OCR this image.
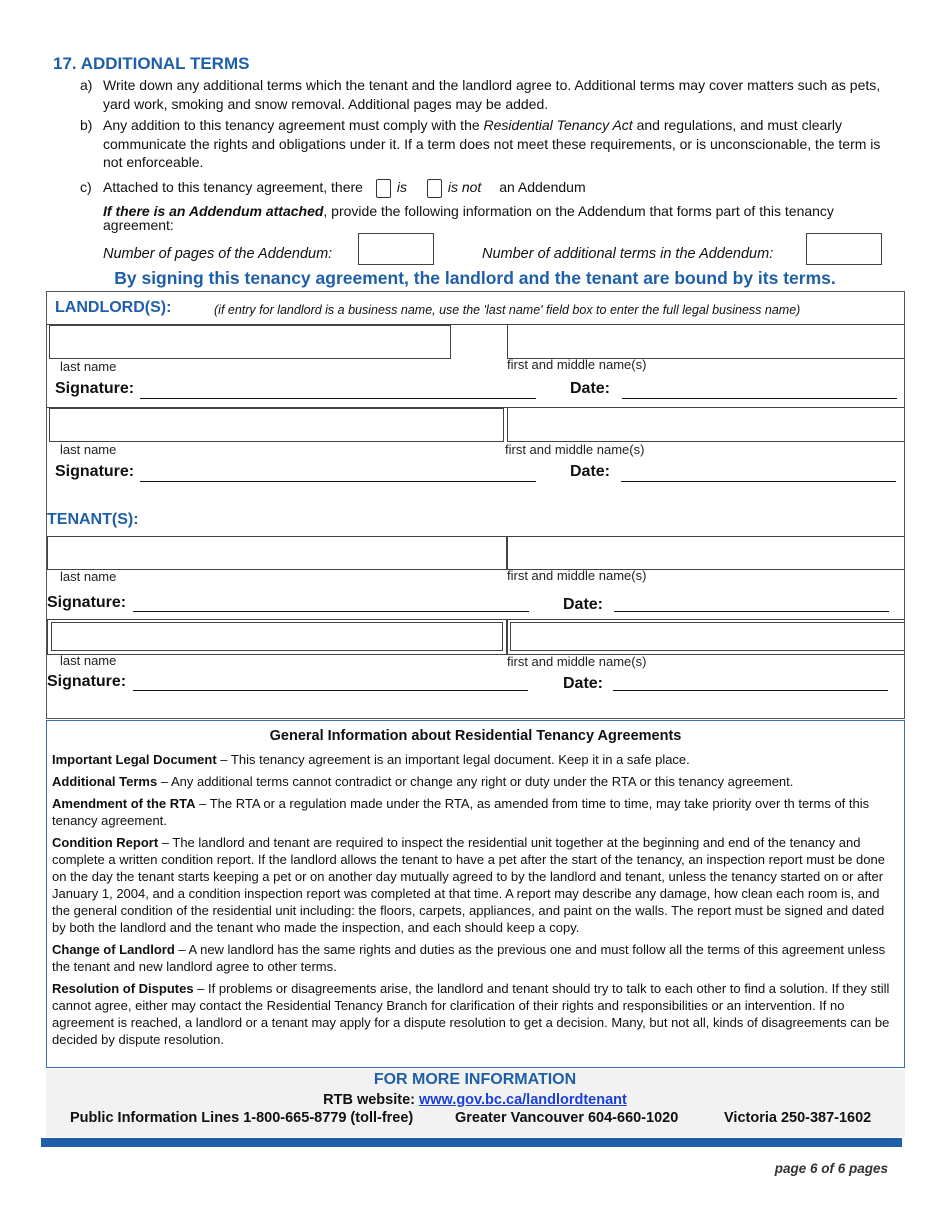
17. ADDITIONAL TERMS
a) Write down any additional terms which the tenant and the landlord agree to. Additional terms may cover matters such as pets, yard work, smoking and snow removal. Additional pages may be added.
b) Any addition to this tenancy agreement must comply with the Residential Tenancy Act and regulations, and must clearly communicate the rights and obligations under it. If a term does not meet these requirements, or is unconscionable, the term is not enforceable.
c) Attached to this tenancy agreement, there is	is not an Addendum
If there is an Addendum attached, provide the following information on the Addendum that forms part of this tenancy agreement:
Number of pages of the Addendum:	Number of additional terms in the Addendum:
By signing this tenancy agreement, the landlord and the tenant are bound by its terms.
LANDLORD(S):	(if entry for landlord is a business name, use the 'last name' field box to enter the full legal business name)
last name	first and middle name(s)
Signature:	Date:
last name	first and middle name(s)
Signature:	Date:
TENANT(S):
last name	first and middle name(s)
Signature:	Date:
last name	first and middle name(s)
Signature:	Date:

General Information about Residential Tenancy Agreements

Important Legal Document – This tenancy agreement is an important legal document. Keep it in a safe place.

Additional Terms – Any additional terms cannot contradict or change any right or duty under the RTA or this tenancy agreement.

Amendment of the RTA – The RTA or a regulation made under the RTA, as amended from time to time, may take priority over th terms of this tenancy agreement.

Condition Report – The landlord and tenant are required to inspect the residential unit together at the beginning and end of the tenancy and complete a written condition report. If the landlord allows the tenant to have a pet after the start of the tenancy, an inspection report must be done on the day the tenant starts keeping a pet or on another day mutually agreed to by the landlord and tenant, unless the tenancy started on or after January 1, 2004, and a condition inspection report was completed at that time. A report may describe any damage, how clean each room is, and the general condition of the residential unit including: the floors, carpets, appliances, and paint on the walls. The report must be signed and dated by both the landlord and the tenant who made the inspection, and each should keep a copy.

Change of Landlord – A new landlord has the same rights and duties as the previous one and must follow all the terms of this agreement unless the tenant and new landlord agree to other terms.

Resolution of Disputes – If problems or disagreements arise, the landlord and tenant should try to talk to each other to find a solution. If they still cannot agree, either may contact the Residential Tenancy Branch for clarification of their rights and responsibilities or an intervention. If no agreement is reached, a landlord or a tenant may apply for a dispute resolution to get a decision. Many, but not all, kinds of disagreements can be decided by dispute resolution.

FOR MORE INFORMATION
RTB website: www.gov.bc.ca/landlordtenant
Public Information Lines 1-800-665-8779 (toll-free)	Greater Vancouver 604-660-1020	Victoria 250-387-1602
page 6 of 6 pages
